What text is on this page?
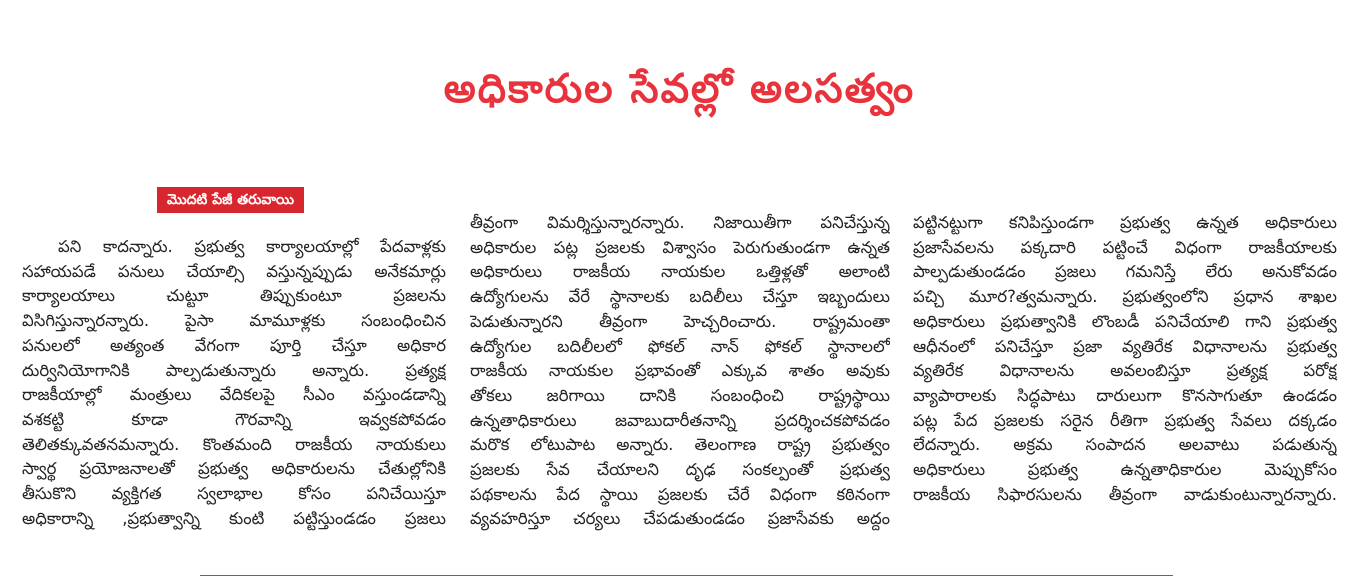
అధికారుల సేవల్లో అలసత్వం
మొదటి పేజీ తరువాయి
పని కాదన్నారు. ప్రభుత్వ కార్యాలయాల్లో పేదవాళ్లకు
సహాయపడే పనులు చేయాల్సి వస్తున్నప్పుడు అనేకమార్లు
కార్యాలయాలు చుట్టూ తిప్పుకుంటూ ప్రజలను
విసిగిస్తున్నారన్నారు. పైసా మామూళ్లకు సంబంధించిన
పనులలో అత్యంత వేగంగా పూర్తి చేస్తూ అధికార
దుర్వినియోగానికి పాల్పడుతున్నారు అన్నారు. ప్రత్యక్ష
రాజకీయాల్లో మంత్రులు వేదికలపై సీఎం వస్తుండడాన్ని
వశకట్టి కూడా గౌరవాన్ని ఇవ్వకపోవడం
తెలితక్కువతనమన్నారు. కొంతమంది రాజకీయ నాయకులు
స్వార్థ ప్రయోజనాలతో ప్రభుత్వ అధికారులను చేతుల్లోనికి
తీసుకొని వ్యక్తిగత స్వలాభాల కోసం పనిచేయిస్తూ
అధికారాన్ని ,ప్రభుత్వాన్ని కుంటి పట్టిస్తుండడం ప్రజలు
తీవ్రంగా విమర్శిస్తున్నారన్నారు. నిజాయితీగా పనిచేస్తున్న
అధికారుల పట్ల ప్రజలకు విశ్వాసం పెరుగుతుండగా ఉన్నత
అధికారులు రాజకీయ నాయకుల ఒత్తిళ్లతో అలాంటి
ఉద్యోగులను వేరే స్థానాలకు బదిలీలు చేస్తూ ఇబ్బందులు
పెడుతున్నారని తీవ్రంగా హెచ్చరించారు. రాష్ట్రమంతా
ఉద్యోగుల బదిలీలలో ఫోకల్ నాన్ ఫోకల్ స్థానాలలో
రాజకీయ నాయకుల ప్రభావంతో ఎక్కువ శాతం అవుకు
తోకలు జరిగాయి దానికి సంబంధించి రాష్ట్రస్థాయి
ఉన్నతాధికారులు జవాబుదారీతనాన్ని ప్రదర్శించకపోవడం
మరొక లోటుపాట అన్నారు. తెలంగాణ రాష్ట్ర ప్రభుత్వం
ప్రజలకు సేవ చేయాలని దృఢ సంకల్పంతో ప్రభుత్వ
పథకాలను పేద స్థాయి ప్రజలకు చేరే విధంగా కఠినంగా
వ్యవహరిస్తూ చర్యలు చేపడుతుండడం ప్రజాసేవకు అద్దం
పట్టినట్టుగా కనిపిస్తుండగా ప్రభుత్వ ఉన్నత అధికారులు
ప్రజాసేవలను పక్కదారి పట్టించే విధంగా రాజకీయాలకు
పాల్పడుతుండడం ప్రజలు గమనిస్తే లేరు అనుకోవడం
పచ్చి మూర?త్వమన్నారు. ప్రభుత్వంలోని ప్రధాన శాఖల
అధికారులు ప్రభుత్వానికి లొంబడీ పనిచేయాలి గాని ప్రభుత్వ
ఆధీనంలో పనిచేస్తూ ప్రజా వ్యతిరేక విధానాలను ప్రభుత్వ
వ్యతిరేక విధానాలను అవలంబిస్తూ ప్రత్యక్ష పరోక్ష
వ్యాపారాలకు సిద్ధపాటు దారులుగా కొనసాగుతూ ఉండడం
పట్ల పేద ప్రజలకు సరైన రీతిగా ప్రభుత్వ సేవలు దక్కడం
లేదన్నారు. అక్రమ సంపాదన అలవాటు పడుతున్న
అధికారులు ప్రభుత్వ ఉన్నతాధికారుల మెప్పుకోసం
రాజకీయ సిఫారసులను తీవ్రంగా వాడుకుంటున్నారన్నారు.
